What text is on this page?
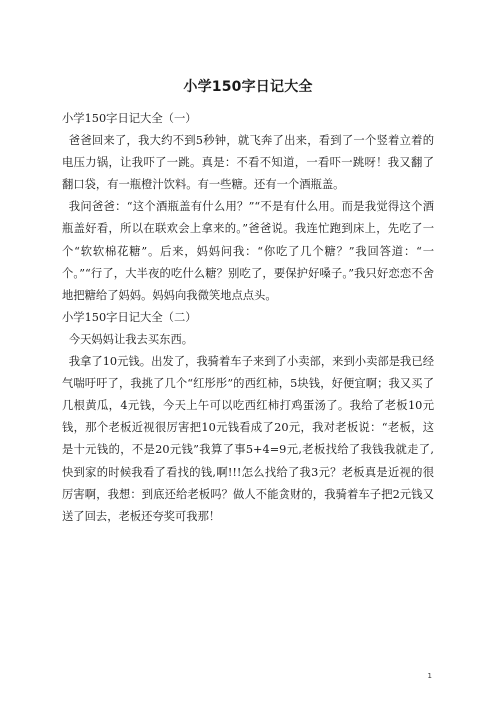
小学150字日记大全

小学150字日记大全（一）

爸爸回来了，我大约不到5秒钟，就飞奔了出来，看到了一个竖着立着的电压力锅，让我吓了一跳。真是：不看不知道，一看吓一跳呀！我又翻了翻口袋，有一瓶橙汁饮料。有一些糖。还有一个酒瓶盖。

我问爸爸：“这个酒瓶盖有什么用？”“不是有什么用。而是我觉得这个酒瓶盖好看，所以在联欢会上拿来的。”爸爸说。我连忙跑到床上，先吃了一个“软软棉花糖”。后来，妈妈问我：“你吃了几个糖？”我回答道：“一个。”“行了，大半夜的吃什么糖？别吃了，要保护好嗓子。”我只好恋恋不舍地把糖给了妈妈。妈妈向我微笑地点点头。

小学150字日记大全（二）

今天妈妈让我去买东西。

我拿了10元钱。出发了，我骑着车子来到了小卖部，来到小卖部是我已经气喘吁吁了，我挑了几个“红彤彤”的西红柿，5块钱，好便宜啊；我又买了几根黄瓜，4元钱，今天上午可以吃西红柿打鸡蛋汤了。我给了老板10元钱，那个老板近视很厉害把10元钱看成了20元，我对老板说：“老板，这是十元钱的，不是20元钱”我算了事5+4=9元,老板找给了我钱我就走了,快到家的时候我看了看找的钱,啊!!!怎么找给了我3元？老板真是近视的很厉害啊，我想：到底还给老板吗？做人不能贪财的，我骑着车子把2元钱又送了回去，老板还夸奖可我那！

1
